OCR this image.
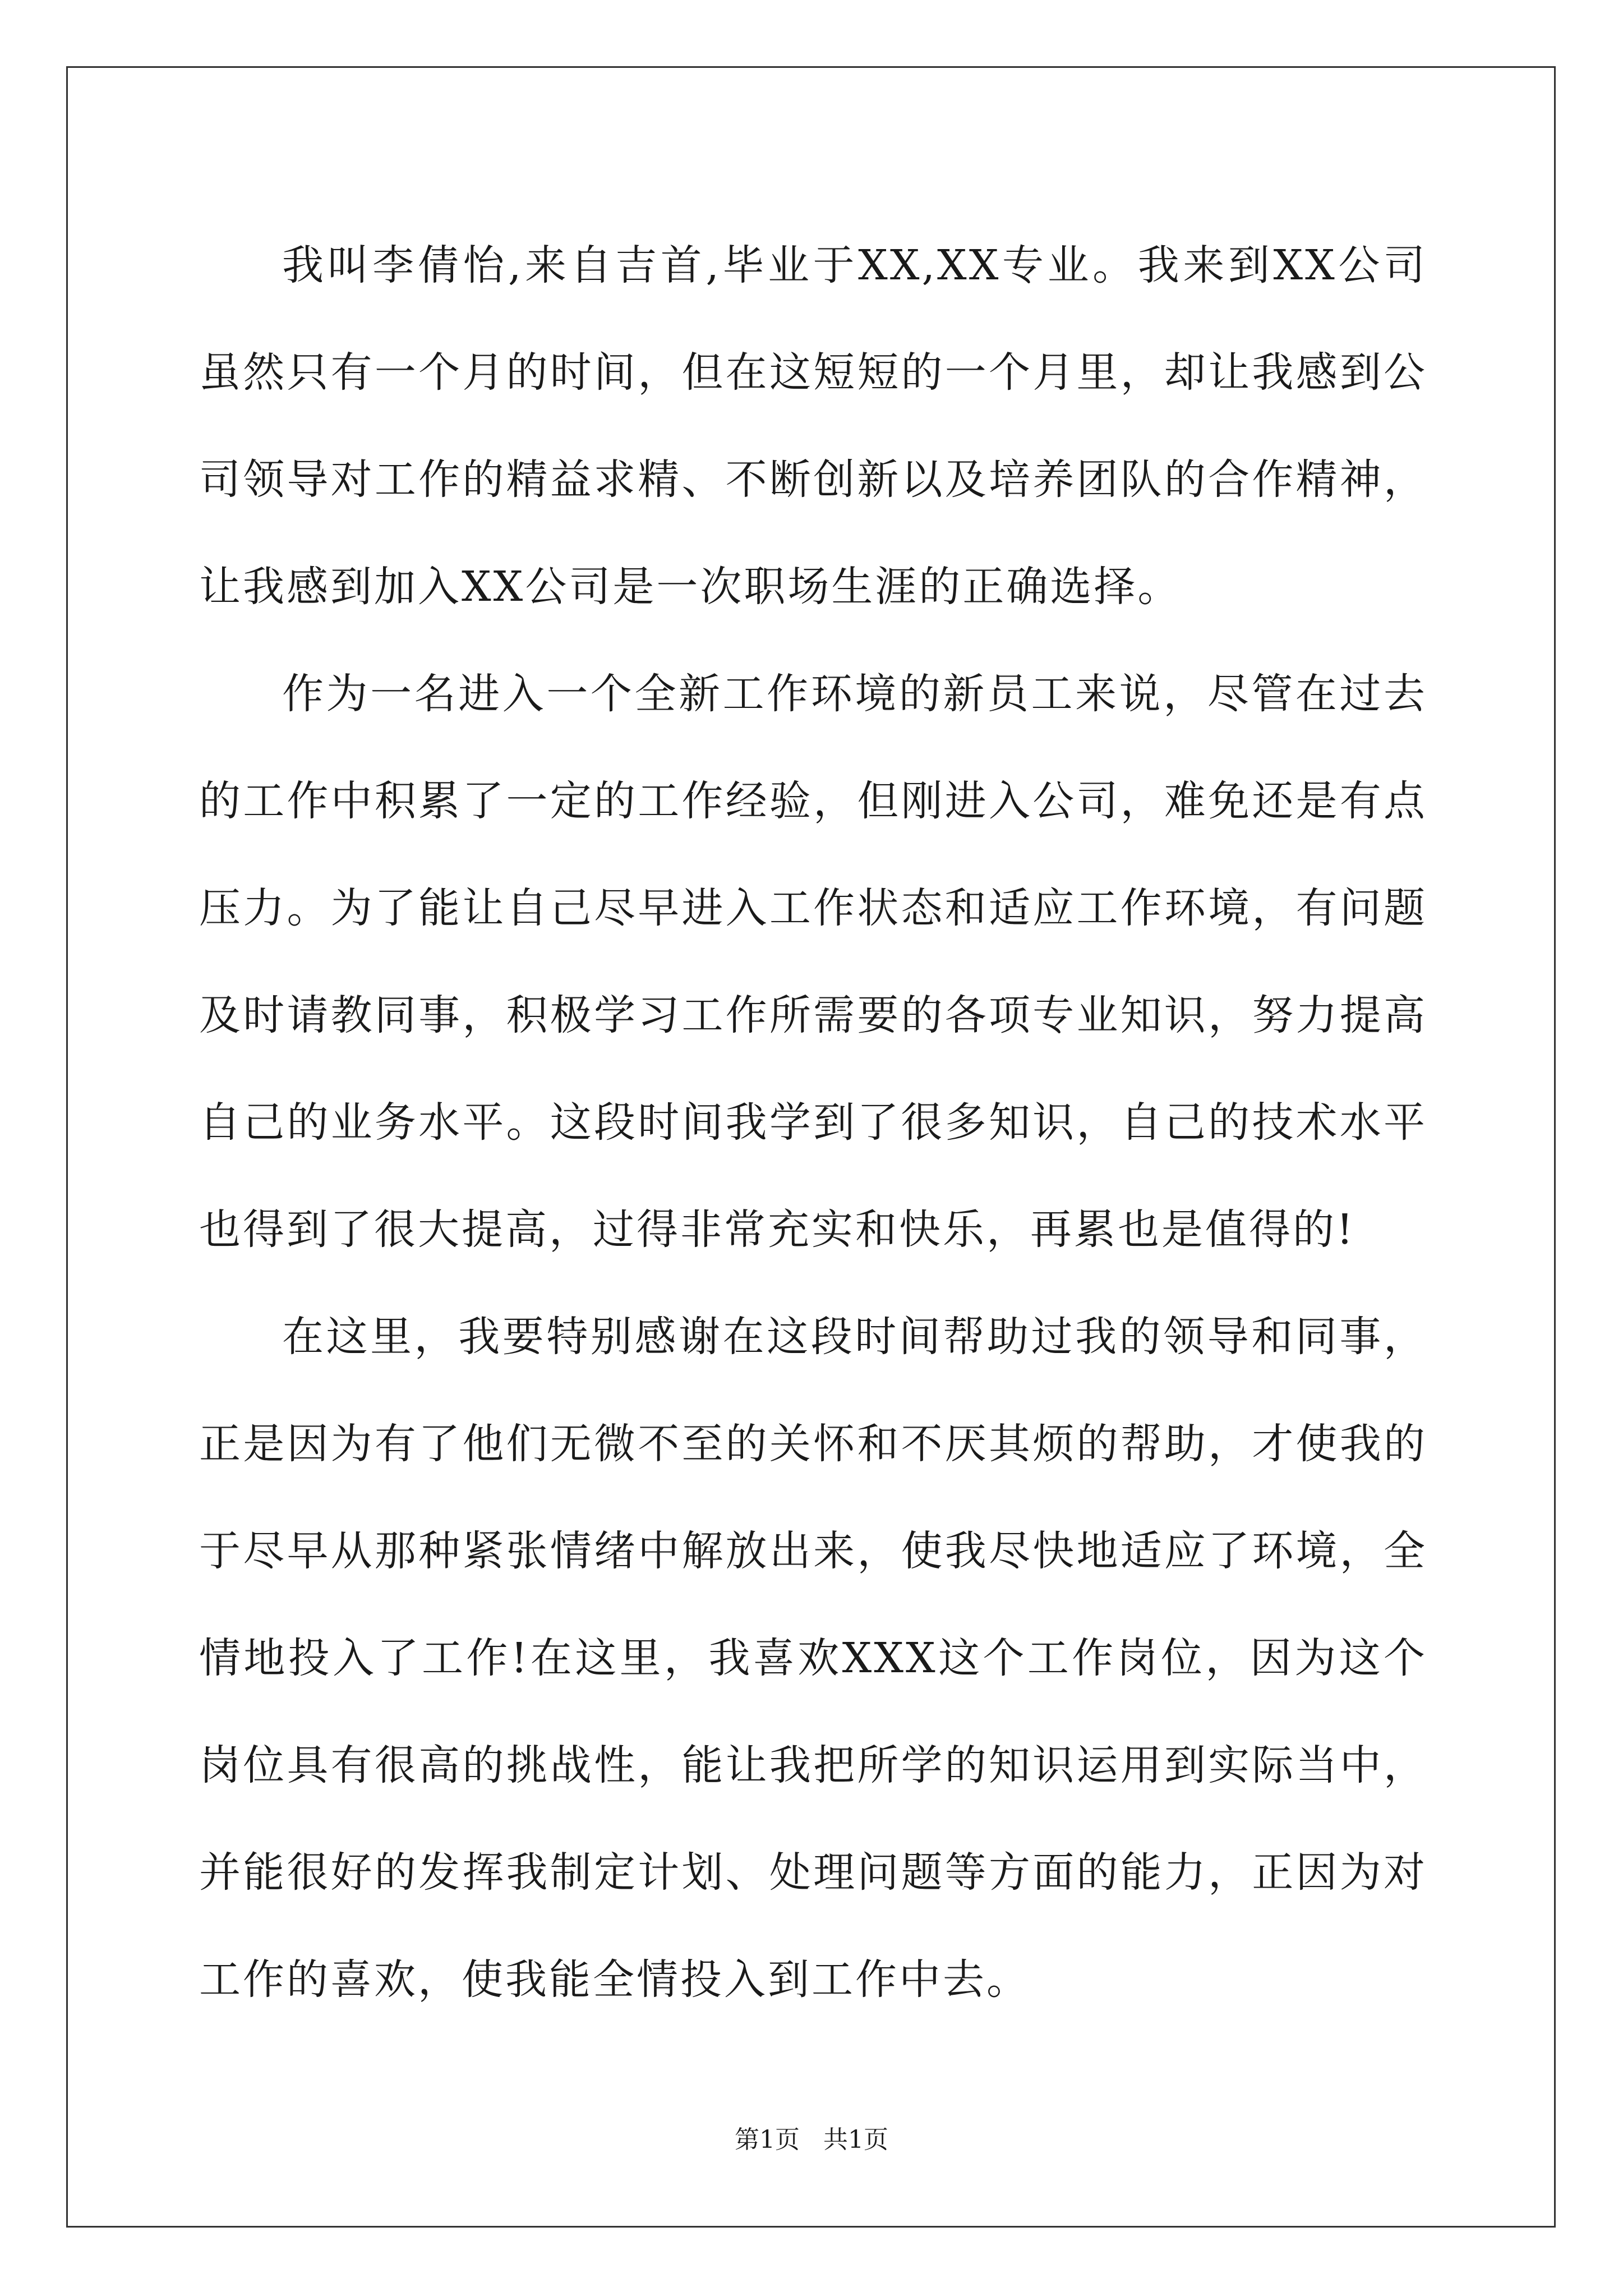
我叫李倩怡,来自吉首,毕业于XX,XX专业。我来到XX公司虽然只有一个月的时间，但在这短短的一个月里，却让我感到公司领导对工作的精益求精、不断创新以及培养团队的合作精神，让我感到加入XX公司是一次职场生涯的正确选择。

作为一名进入一个全新工作环境的新员工来说，尽管在过去的工作中积累了一定的工作经验，但刚进入公司，难免还是有点压力。为了能让自己尽早进入工作状态和适应工作环境，有问题及时请教同事，积极学习工作所需要的各项专业知识，努力提高自己的业务水平。这段时间我学到了很多知识，自己的技术水平也得到了很大提高，过得非常充实和快乐，再累也是值得的!

在这里，我要特别感谢在这段时间帮助过我的领导和同事，正是因为有了他们无微不至的关怀和不厌其烦的帮助，才使我的于尽早从那种紧张情绪中解放出来，使我尽快地适应了环境，全情地投入了工作!在这里，我喜欢XXX这个工作岗位，因为这个岗位具有很高的挑战性，能让我把所学的知识运用到实际当中，并能很好的发挥我制定计划、处理问题等方面的能力，正因为对工作的喜欢，使我能全情投入到工作中去。

第1页   共1页
